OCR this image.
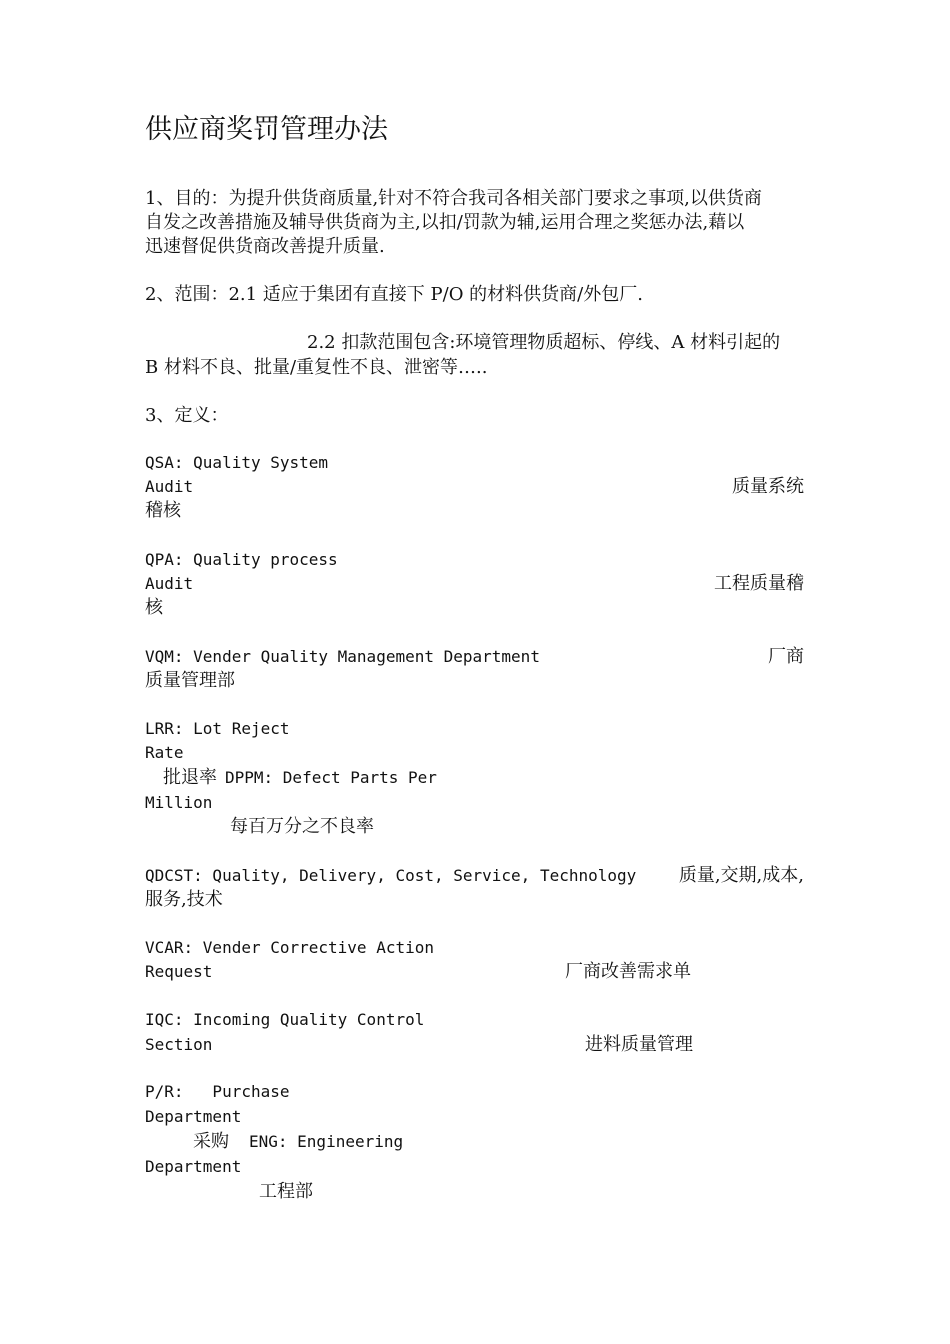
供应商奖罚管理办法
1、目的：为提升供货商质量,针对不符合我司各相关部门要求之事项,以供货商
自发之改善措施及辅导供货商为主,以扣/罚款为辅,运用合理之奖惩办法,藉以
迅速督促供货商改善提升质量.
2、范围：2.1 适应于集团有直接下 P/O 的材料供货商/外包厂.
2.2 扣款范围包含:环境管理物质超标、停线、A 材料引起的
B 材料不良、批量/重复性不良、泄密等…..
3、定义：
QSA: Quality System
Audit	质量系统
稽核
QPA: Quality process
Audit	工程质量稽
核
VQM: Vender Quality Management Department	厂商
质量管理部
LRR: Lot Reject
Rate
批退率 DPPM: Defect Parts Per
Million
每百万分之不良率
QDCST: Quality, Delivery, Cost, Service, Technology 质量,交期,成本,
服务,技术
VCAR: Vender Corrective Action
Request	厂商改善需求单
IQC: Incoming Quality Control
Section	进料质量管理
P/R:   Purchase
Department
采购 ENG: Engineering
Department
工程部
